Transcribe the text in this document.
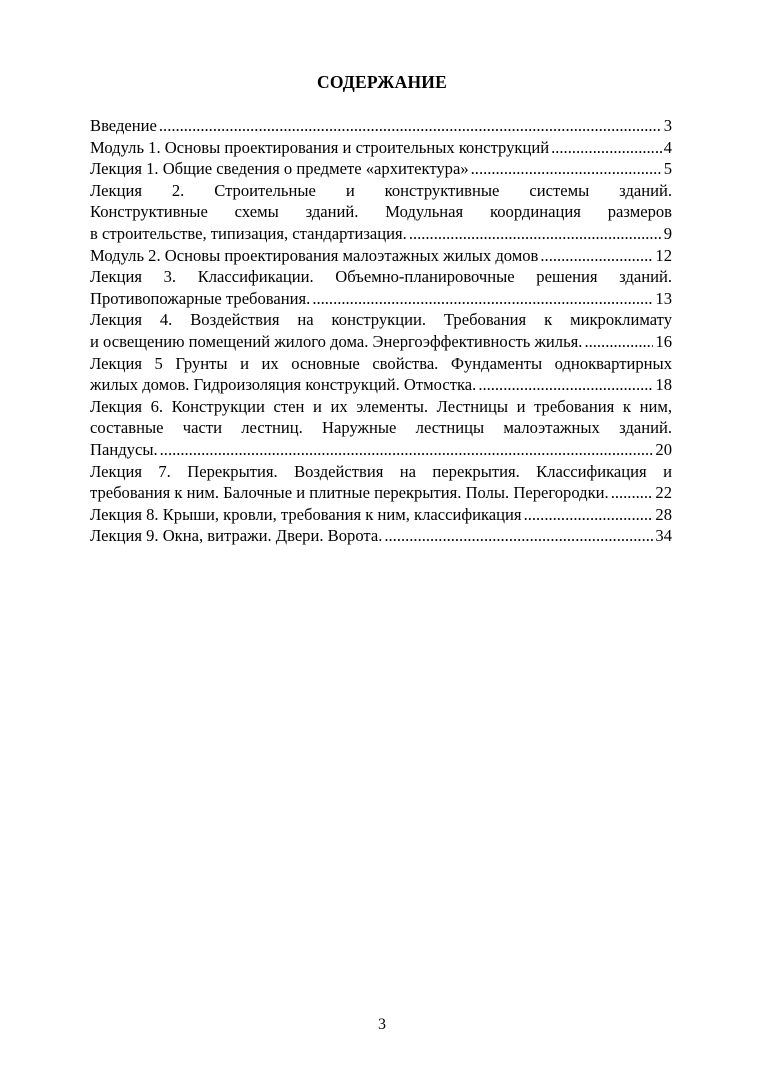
СОДЕРЖАНИЕ
Введение .....	3
Модуль 1. Основы проектирования и строительных конструкций .....	4
Лекция 1. Общие сведения о предмете «архитектура» .....	5
Лекция 2. Строительные и конструктивные системы зданий.
Конструктивные схемы зданий. Модульная координация размеров
в строительстве, типизация, стандартизация. .....	9
Модуль 2. Основы проектирования малоэтажных жилых домов .....	12
Лекция 3. Классификации. Объемно-планировочные решения зданий.
Противопожарные требования. .....	13
Лекция 4. Воздействия на конструкции. Требования к микроклимату
и освещению помещений жилого дома. Энергоэффективность жилья. .....	16
Лекция 5 Грунты и их основные свойства. Фундаменты одноквартирных
жилых домов. Гидроизоляция конструкций. Отмостка. .....	18
Лекция 6. Конструкции стен и их элементы. Лестницы и требования к ним,
составные части лестниц. Наружные лестницы малоэтажных зданий.
Пандусы. .....	20
Лекция 7. Перекрытия. Воздействия на перекрытия. Классификация и
требования к ним. Балочные и плитные перекрытия. Полы. Перегородки. .....	22
Лекция 8. Крыши, кровли, требования к ним, классификация .....	28
Лекция 9. Окна, витражи. Двери. Ворота. .....	34
3
